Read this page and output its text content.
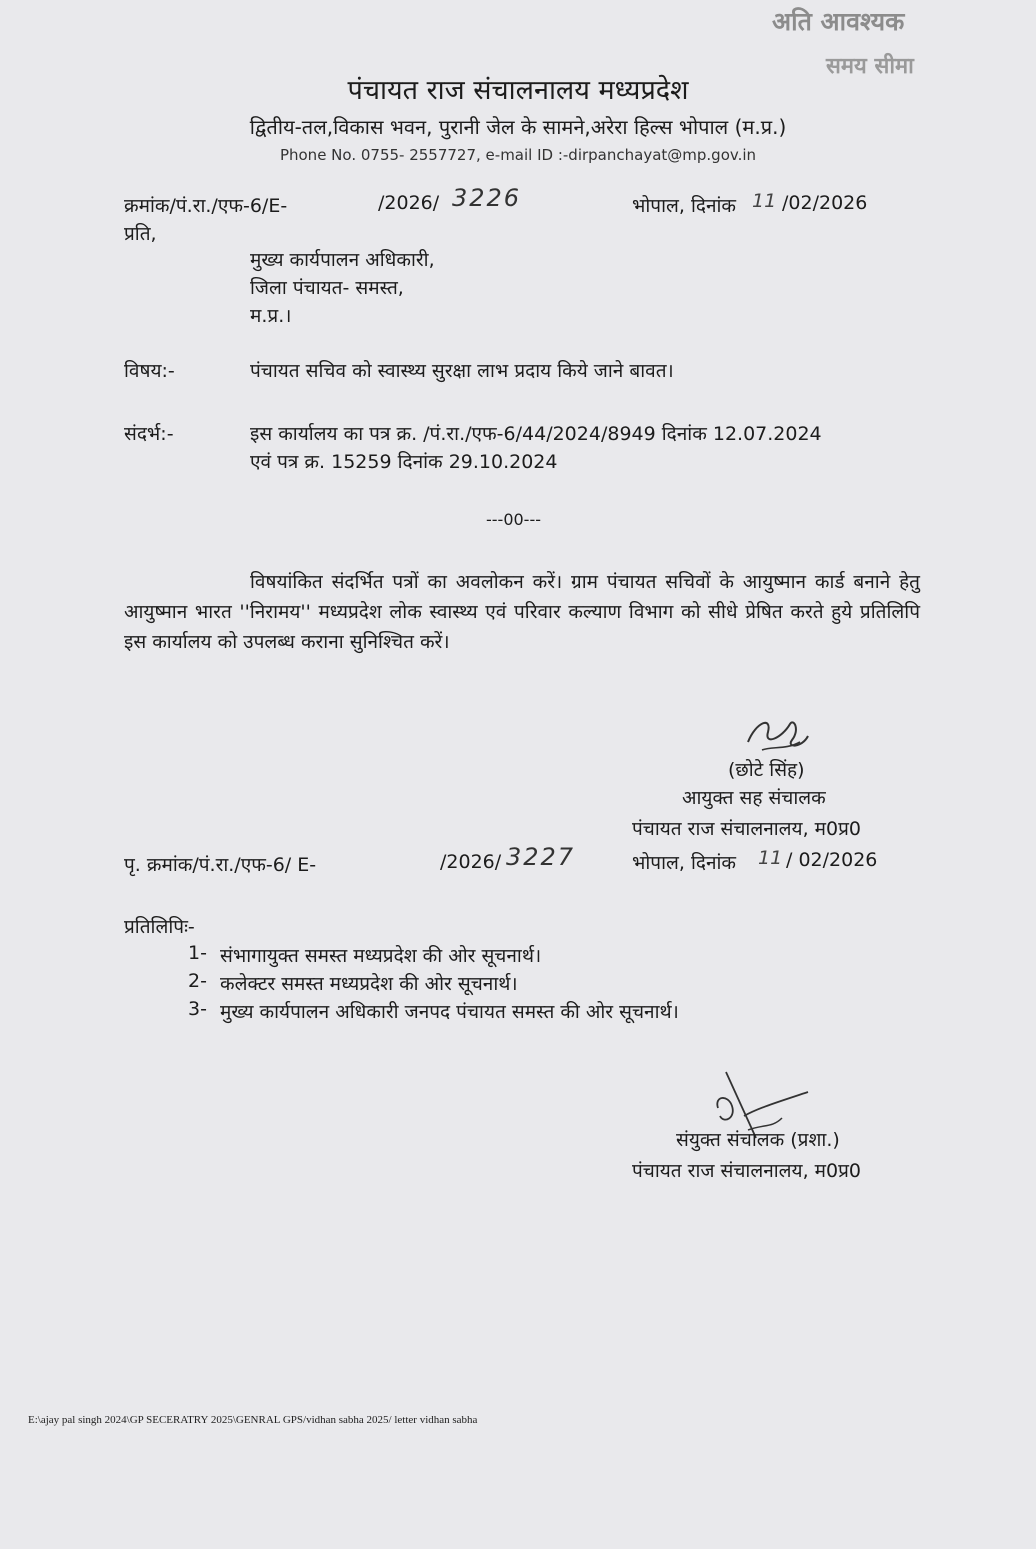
अति आवश्यक
समय सीमा
पंचायत राज संचालनालय मध्यप्रदेश
द्वितीय-तल,विकास भवन, पुरानी जेल के सामने,अरेरा हिल्स भोपाल (म.प्र.)
Phone No. 0755- 2557727, e-mail ID :-dirpanchayat@mp.gov.in
क्रमांक/पं.रा./एफ-6/E-	/2026/ 3226	भोपाल, दिनांक 11 /02/2026
प्रति,
मुख्य कार्यपालन अधिकारी,
जिला पंचायत- समस्त,
म.प्र.।
विषय:-	पंचायत सचिव को स्वास्थ्य सुरक्षा लाभ प्रदाय किये जाने बावत।
संदर्भ:-	इस कार्यालय का पत्र क्र. /पं.रा./एफ-6/44/2024/8949 दिनांक 12.07.2024
एवं पत्र क्र. 15259 दिनांक 29.10.2024
---00---
विषयांकित संदर्भित पत्रों का अवलोकन करें। ग्राम पंचायत सचिवों के आयुष्मान कार्ड बनाने हेतु आयुष्मान भारत ''निरामय'' मध्यप्रदेश लोक स्वास्थ्य एवं परिवार कल्याण विभाग को सीधे प्रेषित करते हुये प्रतिलिपि इस कार्यालय को उपलब्ध कराना सुनिश्चित करें।
(छोटे सिंह)
आयुक्त सह संचालक
पंचायत राज संचालनालय, म0प्र0
पृ. क्रमांक/पं.रा./एफ-6/ E-	/2026/ 3227	भोपाल, दिनांक 11 / 02/2026
प्रतिलिपिः-
1- संभागायुक्त समस्त मध्यप्रदेश की ओर सूचनार्थ।
2- कलेक्टर समस्त मध्यप्रदेश की ओर सूचनार्थ।
3- मुख्य कार्यपालन अधिकारी जनपद पंचायत समस्त की ओर सूचनार्थ।
संयुक्त संचालक (प्रशा.)
पंचायत राज संचालनालय, म0प्र0
E:\ajay pal singh 2024\GP SECERATRY 2025\GENRAL GPS/vidhan sabha 2025/ letter vidhan sabha
